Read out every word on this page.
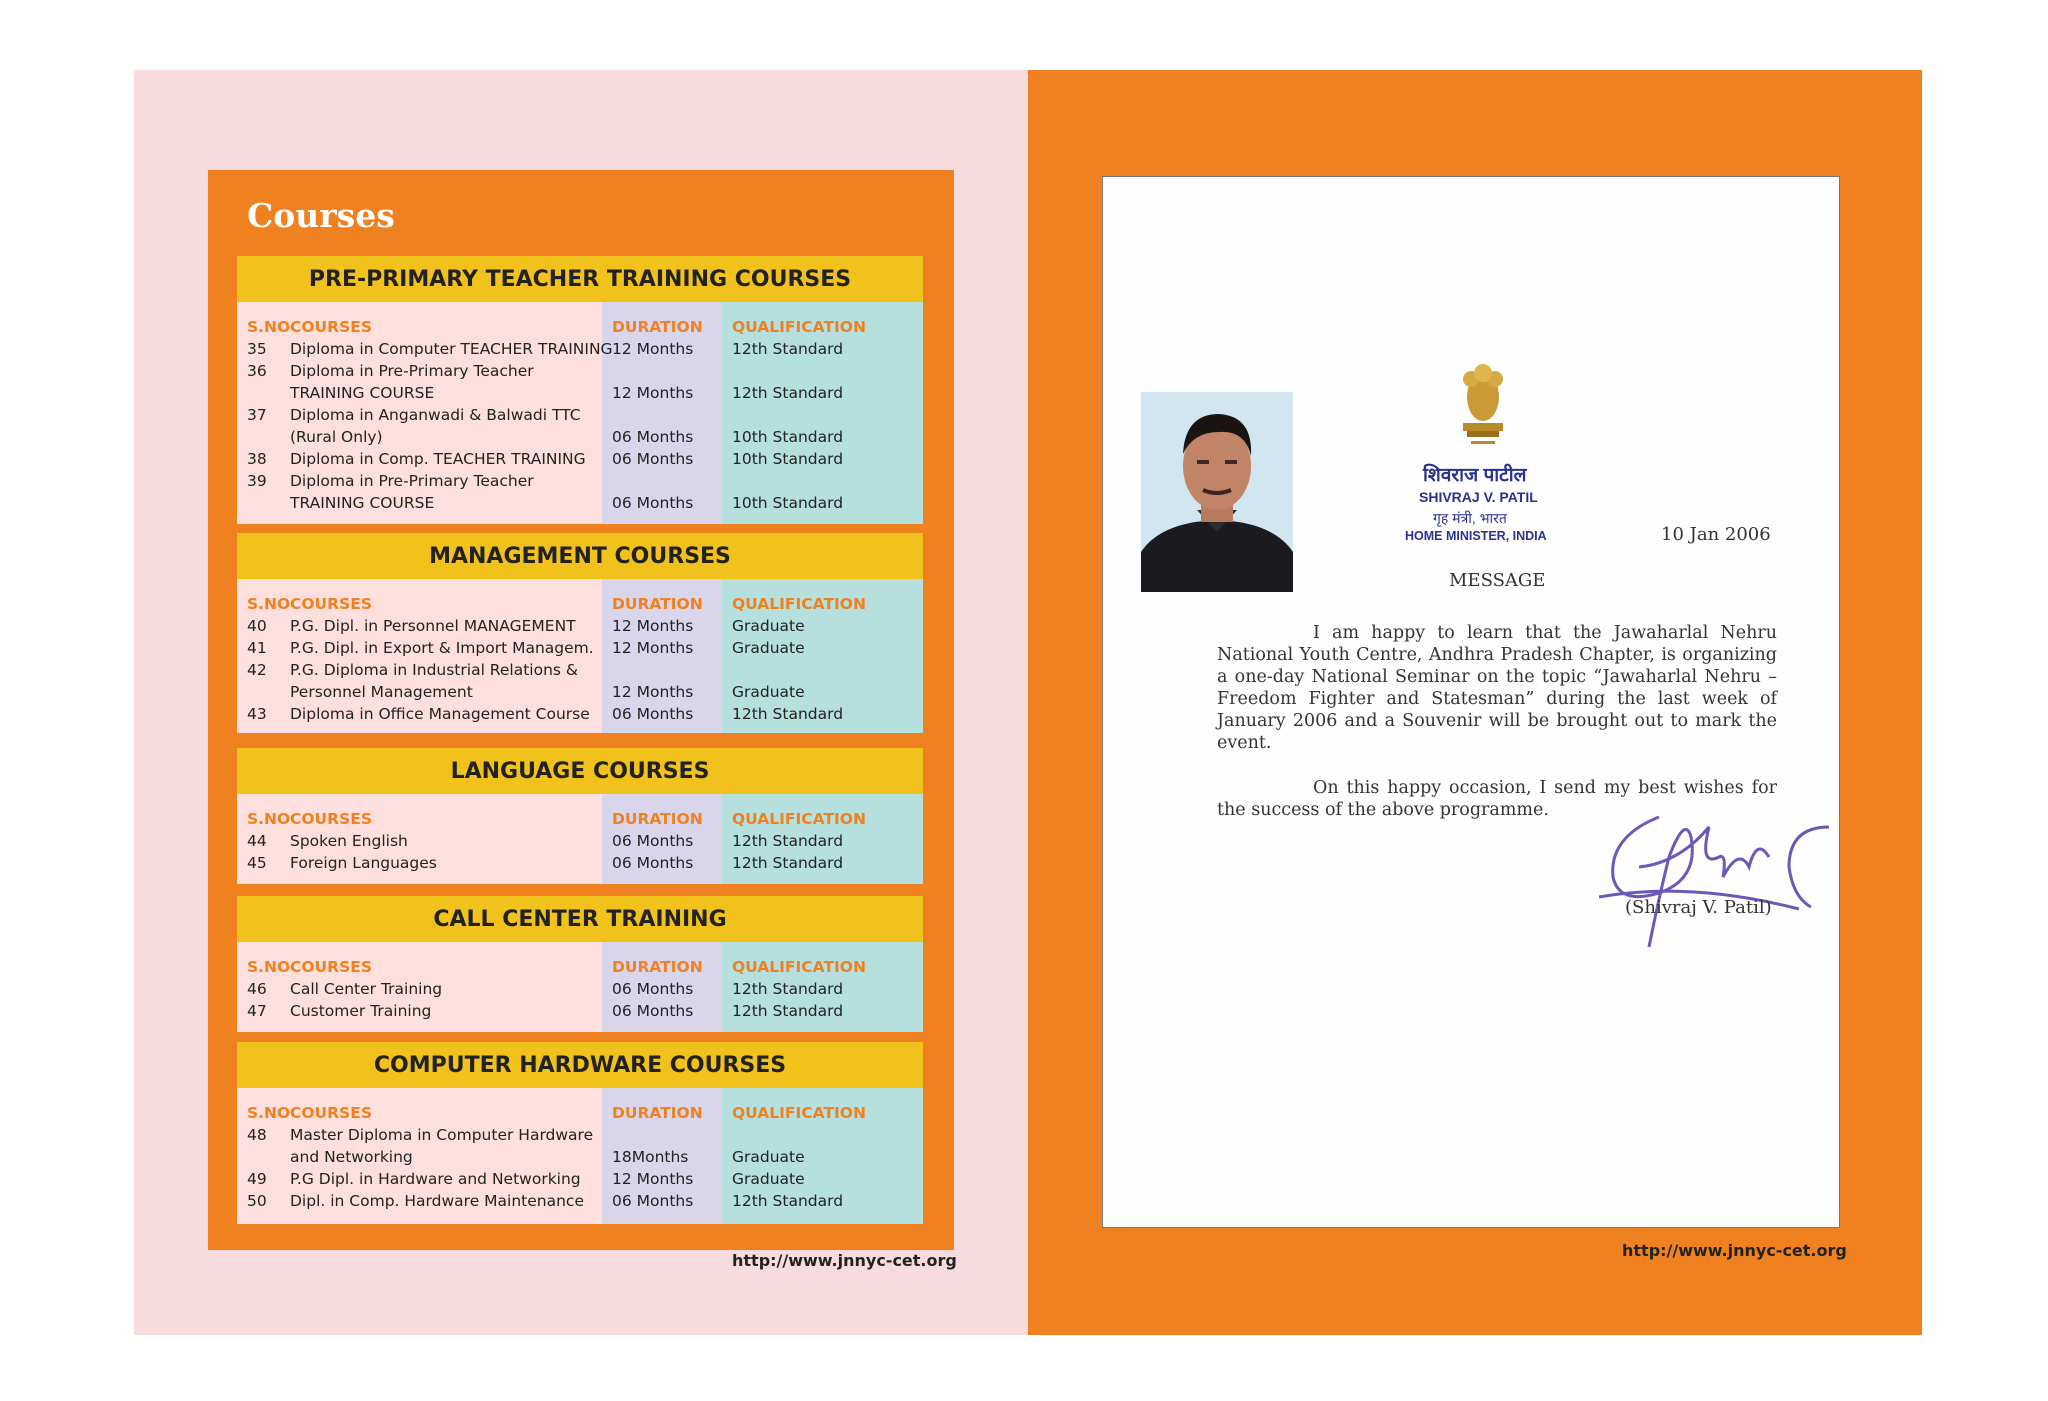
Courses
PRE-PRIMARY TEACHER TRAINING COURSES
S.NO COURSES	DURATION	QUALIFICATION
35	Diploma in Computer TEACHER TRAINING 12 Months	12th Standard
36	Diploma in Pre-Primary Teacher
TRAINING COURSE	12 Months	12th Standard
37	Diploma in Anganwadi & Balwadi TTC
(Rural Only)	06 Months	10th Standard
38	Diploma in Comp. TEACHER TRAINING	06 Months	10th Standard
39	Diploma in Pre-Primary Teacher
TRAINING COURSE	06 Months	10th Standard
MANAGEMENT COURSES
S.NO COURSES	DURATION	QUALIFICATION
40	P.G. Dipl. in Personnel MANAGEMENT	12 Months	Graduate
41	P.G. Dipl. in Export & Import Managem.	12 Months	Graduate
42	P.G. Diploma in Industrial Relations &
Personnel Management	12 Months	Graduate
43	Diploma in Office Management Course	06 Months	12th Standard
LANGUAGE COURSES
S.NO COURSES	DURATION	QUALIFICATION
44	Spoken English	06 Months	12th Standard
45	Foreign Languages	06 Months	12th Standard
CALL CENTER TRAINING
S.NO COURSES	DURATION	QUALIFICATION
46	Call Center Training	06 Months	12th Standard
47	Customer Training	06 Months	12th Standard
COMPUTER HARDWARE COURSES
S.NO COURSES	DURATION	QUALIFICATION
48	Master Diploma in Computer Hardware
and Networking	18Months	Graduate
49	P.G Dipl. in Hardware and Networking	12 Months	Graduate
50	Dipl. in Comp. Hardware Maintenance	06 Months	12th Standard
http://www.jnnyc-cet.org
शिवराज पाटील
SHIVRAJ V. PATIL
गृह मंत्री, भारत
HOME MINISTER, INDIA	10 Jan 2006
MESSAGE

I am happy to learn that the Jawaharlal Nehru National Youth Centre, Andhra Pradesh Chapter, is organizing a one-day National Seminar on the topic “Jawaharlal Nehru – Freedom Fighter and Statesman” during the last week of January 2006 and a Souvenir will be brought out to mark the event.

On this happy occasion, I send my best wishes for the success of the above programme.

(Shivraj V. Patil)
http://www.jnnyc-cet.org
